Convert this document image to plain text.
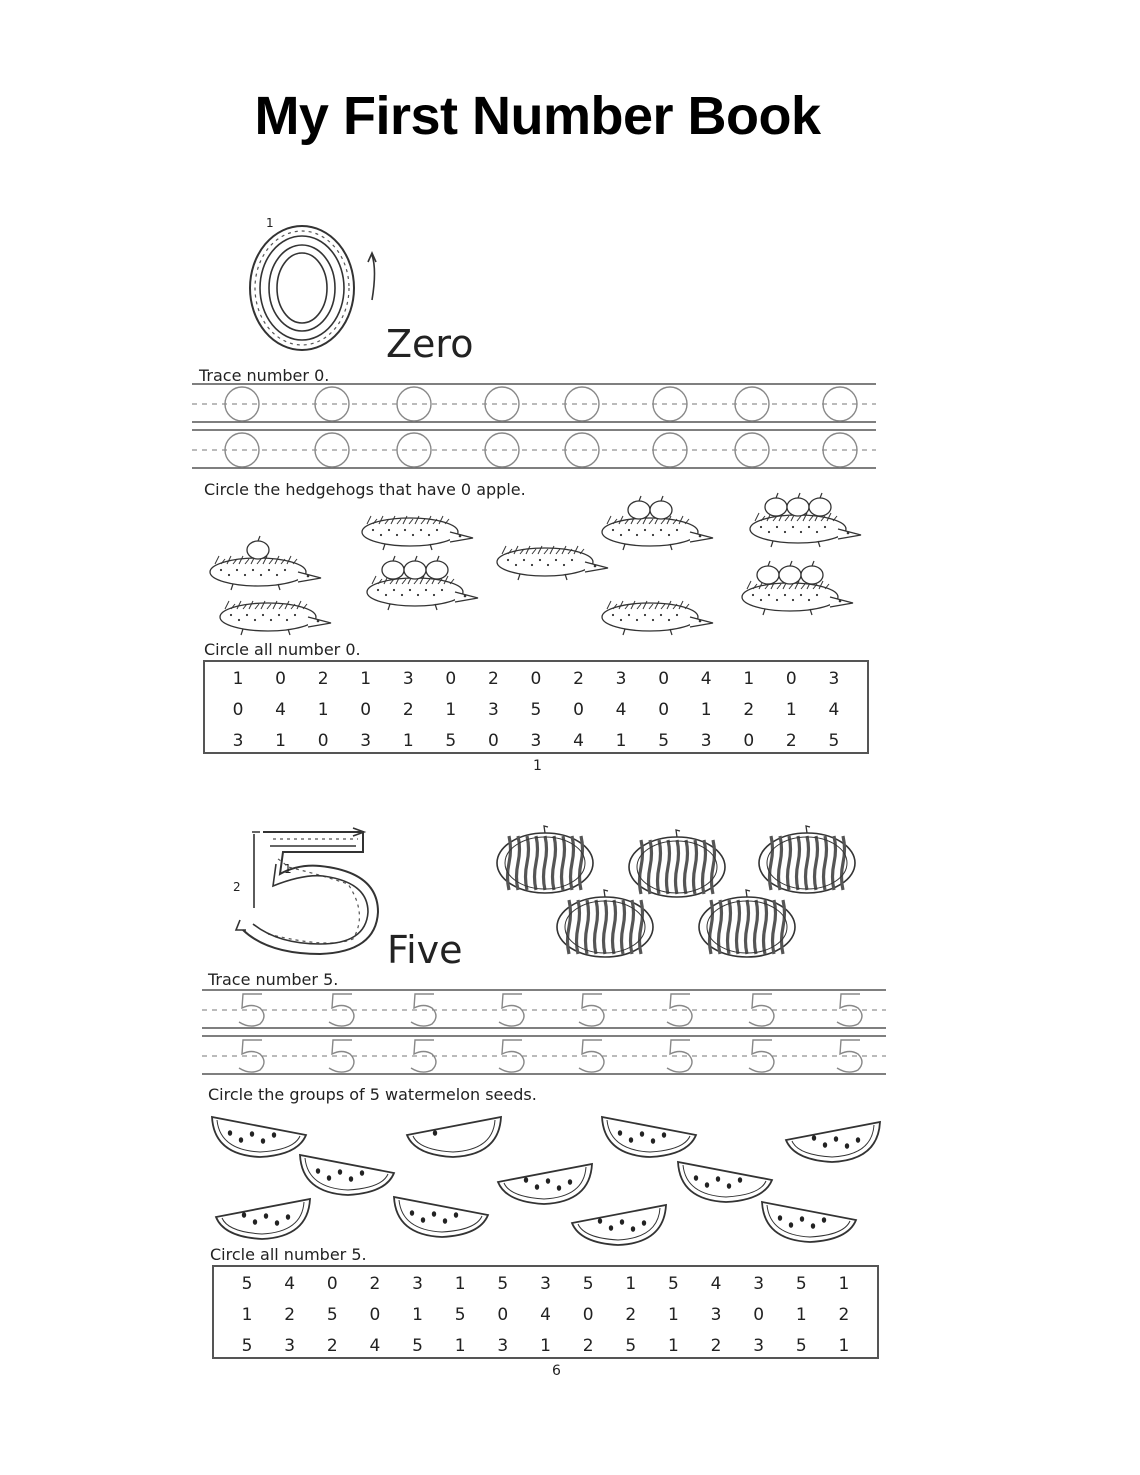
My First Number Book
1
Zero
Trace number 0.
Circle the hedgehogs that have 0 apple.
Circle all number 0.
1	0	2	1	3	0	2	0	2	3	0	4	1	0	3
0	4	1	0	2	1	3	5	0	4	0	1	2	1	4
3	1	0	3	1	5	0	3	4	1	5	3	0	2	5
1
1
2
Five
Trace number 5.
Circle the groups of 5 watermelon seeds.
Circle all number 5.
5	4	0	2	3	1	5	3	5	1	5	4	3	5	1
1	2	5	0	1	5	0	4	0	2	1	3	0	1	2
5	3	2	4	5	1	3	1	2	5	1	2	3	5	1
6
